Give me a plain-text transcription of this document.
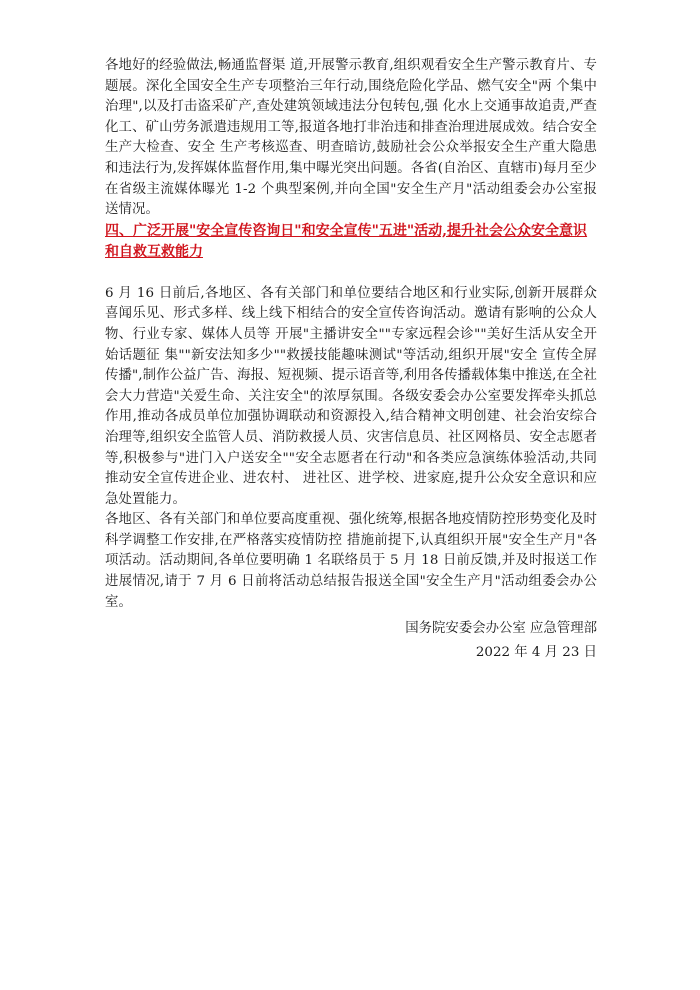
各地好的经验做法,畅通监督渠 道,开展警示教育,组织观看安全生产警示教育片、专题展。深化全国安全生产专项整治三年行动,围绕危险化学品、燃气安全"两 个集中治理",以及打击盗采矿产,查处建筑领域违法分包转包,强 化水上交通事故追责,严查化工、矿山劳务派遣违规用工等,报道各地打非治违和排查治理进展成效。结合安全生产大检查、安全 生产考核巡查、明查暗访,鼓励社会公众举报安全生产重大隐患和违法行为,发挥媒体监督作用,集中曝光突出问题。各省(自治区、直辖市)每月至少在省级主流媒体曝光 1-2 个典型案例,并向全国"安全生产月"活动组委会办公室报送情况。

四、广泛开展"安全宣传咨询日"和安全宣传"五进"活动,提升社会公众安全意识和自救互救能力

6 月 16 日前后,各地区、各有关部门和单位要结合地区和行业实际,创新开展群众喜闻乐见、形式多样、线上线下相结合的安全宣传咨询活动。邀请有影响的公众人物、行业专家、媒体人员等 开展"主播讲安全""专家远程会诊""美好生活从安全开始话题征 集""新安法知多少""救援技能趣味测试"等活动,组织开展"安全 宣传全屏传播",制作公益广告、海报、短视频、提示语音等,利用各传播载体集中推送,在全社会大力营造"关爱生命、关注安全"的浓厚氛围。各级安委会办公室要发挥牵头抓总作用,推动各成员单位加强协调联动和资源投入,结合精神文明创建、社会治安综合治理等,组织安全监管人员、消防救援人员、灾害信息员、社区网格员、安全志愿者等,积极参与"进门入户送安全""安全志愿者在行动"和各类应急演练体验活动,共同推动安全宣传进企业、进农村、 进社区、进学校、进家庭,提升公众安全意识和应急处置能力。

各地区、各有关部门和单位要高度重视、强化统筹,根据各地疫情防控形势变化及时科学调整工作安排,在严格落实疫情防控 措施前提下,认真组织开展"安全生产月"各项活动。活动期间,各单位要明确 1 名联络员于 5 月 18 日前反馈,并及时报送工作进展情况,请于 7 月 6 日前将活动总结报告报送全国"安全生产月"活动组委会办公室。

国务院安委会办公室 应急管理部

2022 年 4 月 23 日
